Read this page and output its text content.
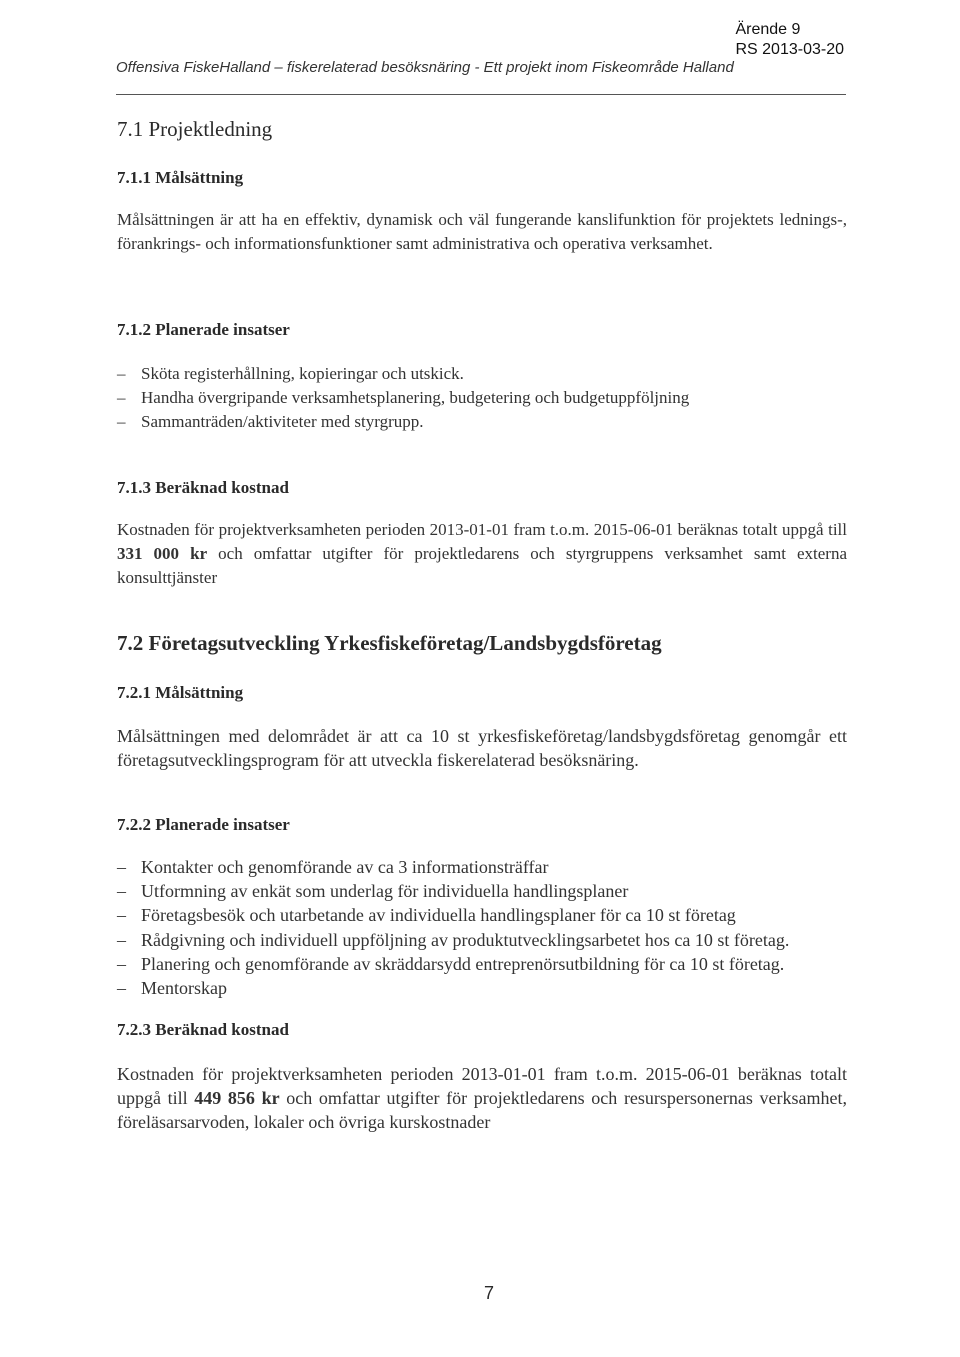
Ärende 9
RS 2013-03-20
Offensiva FiskeHalland – fiskerelaterad besöksnäring - Ett projekt inom Fiskeområde Halland
7.1 Projektledning
7.1.1 Målsättning
Målsättningen är att ha en effektiv, dynamisk och väl fungerande kanslifunktion för projektets lednings-, förankrings- och informationsfunktioner samt administrativa och operativa verksamhet.
7.1.2 Planerade insatser
– Sköta registerhållning, kopieringar och utskick.
– Handha övergripande verksamhetsplanering, budgetering och budgetuppföljning
– Sammanträden/aktiviteter med styrgrupp.
7.1.3 Beräknad kostnad
Kostnaden för projektverksamheten perioden 2013-01-01 fram t.o.m. 2015-06-01 beräknas totalt uppgå till 331 000 kr och omfattar utgifter för projektledarens och styrgruppens verksamhet samt externa konsulttjänster
7.2 Företagsutveckling Yrkesfiskeföretag/Landsbygdsföretag
7.2.1 Målsättning
Målsättningen med delområdet är att ca 10 st yrkesfiskeföretag/landsbygdsföretag genomgår ett företagsutvecklingsprogram för att utveckla fiskerelaterad besöksnäring.
7.2.2 Planerade insatser
– Kontakter och genomförande av ca 3 informationsträffar
– Utformning av enkät som underlag för individuella handlingsplaner
– Företagsbesök och utarbetande av individuella handlingsplaner för ca 10 st företag
– Rådgivning och individuell uppföljning av produktutvecklingsarbetet hos ca 10 st företag.
– Planering och genomförande av skräddarsydd entreprenörsutbildning för ca 10 st företag.
– Mentorskap
7.2.3 Beräknad kostnad
Kostnaden för projektverksamheten perioden 2013-01-01 fram t.o.m. 2015-06-01 beräknas totalt uppgå till 449 856 kr och omfattar utgifter för projektledarens och resurspersonernas verksamhet, föreläsarsarvoden, lokaler och övriga kurskostnader
7
